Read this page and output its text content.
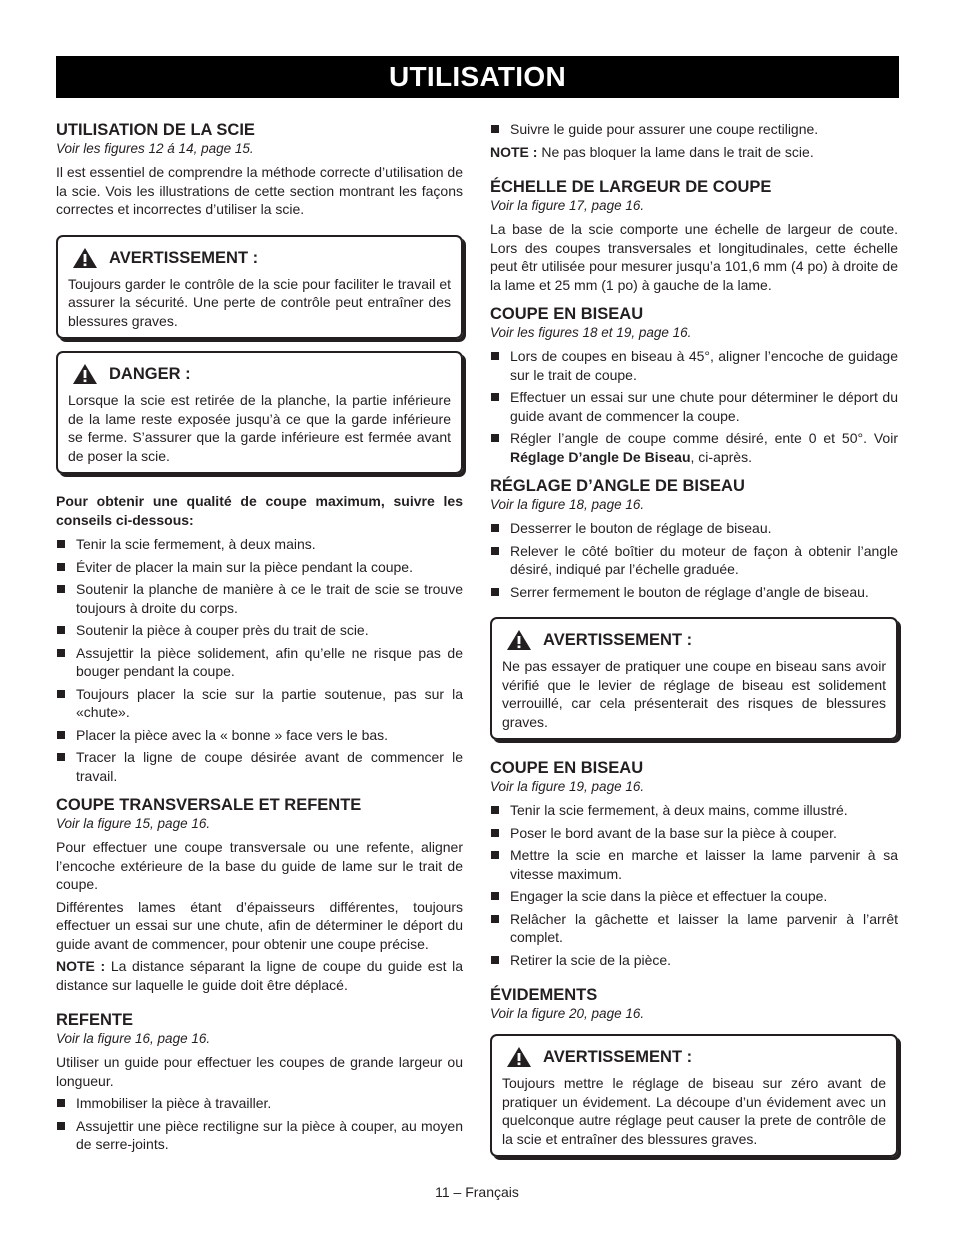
UTILISATION
UTILISATION DE LA SCIE
Voir les figures 12 á 14, page 15.

Il est essentiel de comprendre la méthode correcte d’utilisation de la scie. Vois les illustrations de cette section montrant les façons correctes et incorrectes d’utiliser la scie.

AVERTISSEMENT :

Toujours garder le contrôle de la scie pour faciliter le travail et assurer la sécurité. Une perte de contrôle peut entraîner des blessures graves.

DANGER :

Lorsque la scie est retirée de la planche, la partie inférieure de la lame reste exposée jusqu’à ce que la garde inférieure se ferme. S’assurer que la garde inférieure est fermée avant de poser la scie.

Pour obtenir une qualité de coupe maximum, suivre les conseils ci-dessous:

Tenir la scie fermement, à deux mains.
Éviter de placer la main sur la pièce pendant la coupe.
Soutenir la planche de manière à ce le trait de scie se trouve toujours à droite du corps.
Soutenir la pièce à couper près du trait de scie.
Assujettir la pièce solidement, afin qu’elle ne risque pas de bouger pendant la coupe.
Toujours placer la scie sur la partie soutenue, pas sur la «chute».
Placer la pièce avec la « bonne » face vers le bas.
Tracer la ligne de coupe désirée avant de commencer le travail.
COUPE TRANSVERSALE ET REFENTE
Voir la figure 15, page 16.

Pour effectuer une coupe transversale ou une refente, aligner l’encoche extérieure de la base du guide de lame sur le trait de coupe.

Différentes lames étant d’épaisseurs différentes, toujours effectuer un essai sur une chute, afin de déterminer le déport du guide avant de commencer, pour obtenir une coupe précise.

NOTE : La distance séparant la ligne de coupe du guide est la distance sur laquelle le guide doit être déplacé.

REFENTE
Voir la figure 16, page 16.

Utiliser un guide pour effectuer les coupes de grande largeur ou longueur.

Immobiliser la pièce à travailler.
Assujettir une pièce rectiligne sur la pièce à couper, au moyen de serre-joints.
Suivre le guide pour assurer une coupe rectiligne.

NOTE : Ne pas bloquer la lame dans le trait de scie.

ÉCHELLE DE LARGEUR DE COUPE
Voir la figure 17, page 16.

La base de la scie comporte une échelle de largeur de coute. Lors des coupes transversales et longitudinales, cette échelle peut êtr utilisée pour mesurer jusqu’a 101,6 mm (4 po) à droite de la lame et 25 mm (1 po) à gauche de la lame.

COUPE EN BISEAU
Voir les figures 18 et 19, page 16.
Lors de coupes en biseau à 45°, aligner l’encoche de guidage sur le trait de coupe.
Effectuer un essai sur une chute pour déterminer le déport du guide avant de commencer la coupe.
Régler l’angle de coupe comme désiré, ente 0 et 50°. Voir Réglage D’angle De Biseau, ci-après.
RÉGLAGE D’ANGLE DE BISEAU
Voir la figure 18, page 16.
Desserrer le bouton de réglage de biseau.
Relever le côté boîtier du moteur de façon à obtenir l’angle désiré, indiqué par l’échelle graduée.
Serrer fermement le bouton de réglage d’angle de biseau.
AVERTISSEMENT :

Ne pas essayer de pratiquer une coupe en biseau sans avoir vérifié que le levier de réglage de biseau est solidement verrouillé, car cela présenterait des risques de blessures graves.

COUPE EN BISEAU
Voir la figure 19, page 16.
Tenir la scie fermement, à deux mains, comme illustré.
Poser le bord avant de la base sur la pièce à couper.
Mettre la scie en marche et laisser la lame parvenir à sa vitesse maximum.
Engager la scie dans la pièce et effectuer la coupe.
Relâcher la gâchette et laisser la lame parvenir à l’arrêt complet.
Retirer la scie de la pièce.
ÉVIDEMENTS
Voir la figure 20, page 16.
AVERTISSEMENT :

Toujours mettre le réglage de biseau sur zéro avant de pratiquer un évidement. La découpe d’un évidement avec un quelconque autre réglage peut causer la prete de contrôle de la scie et entraîner des blessures graves.

11 – Français
